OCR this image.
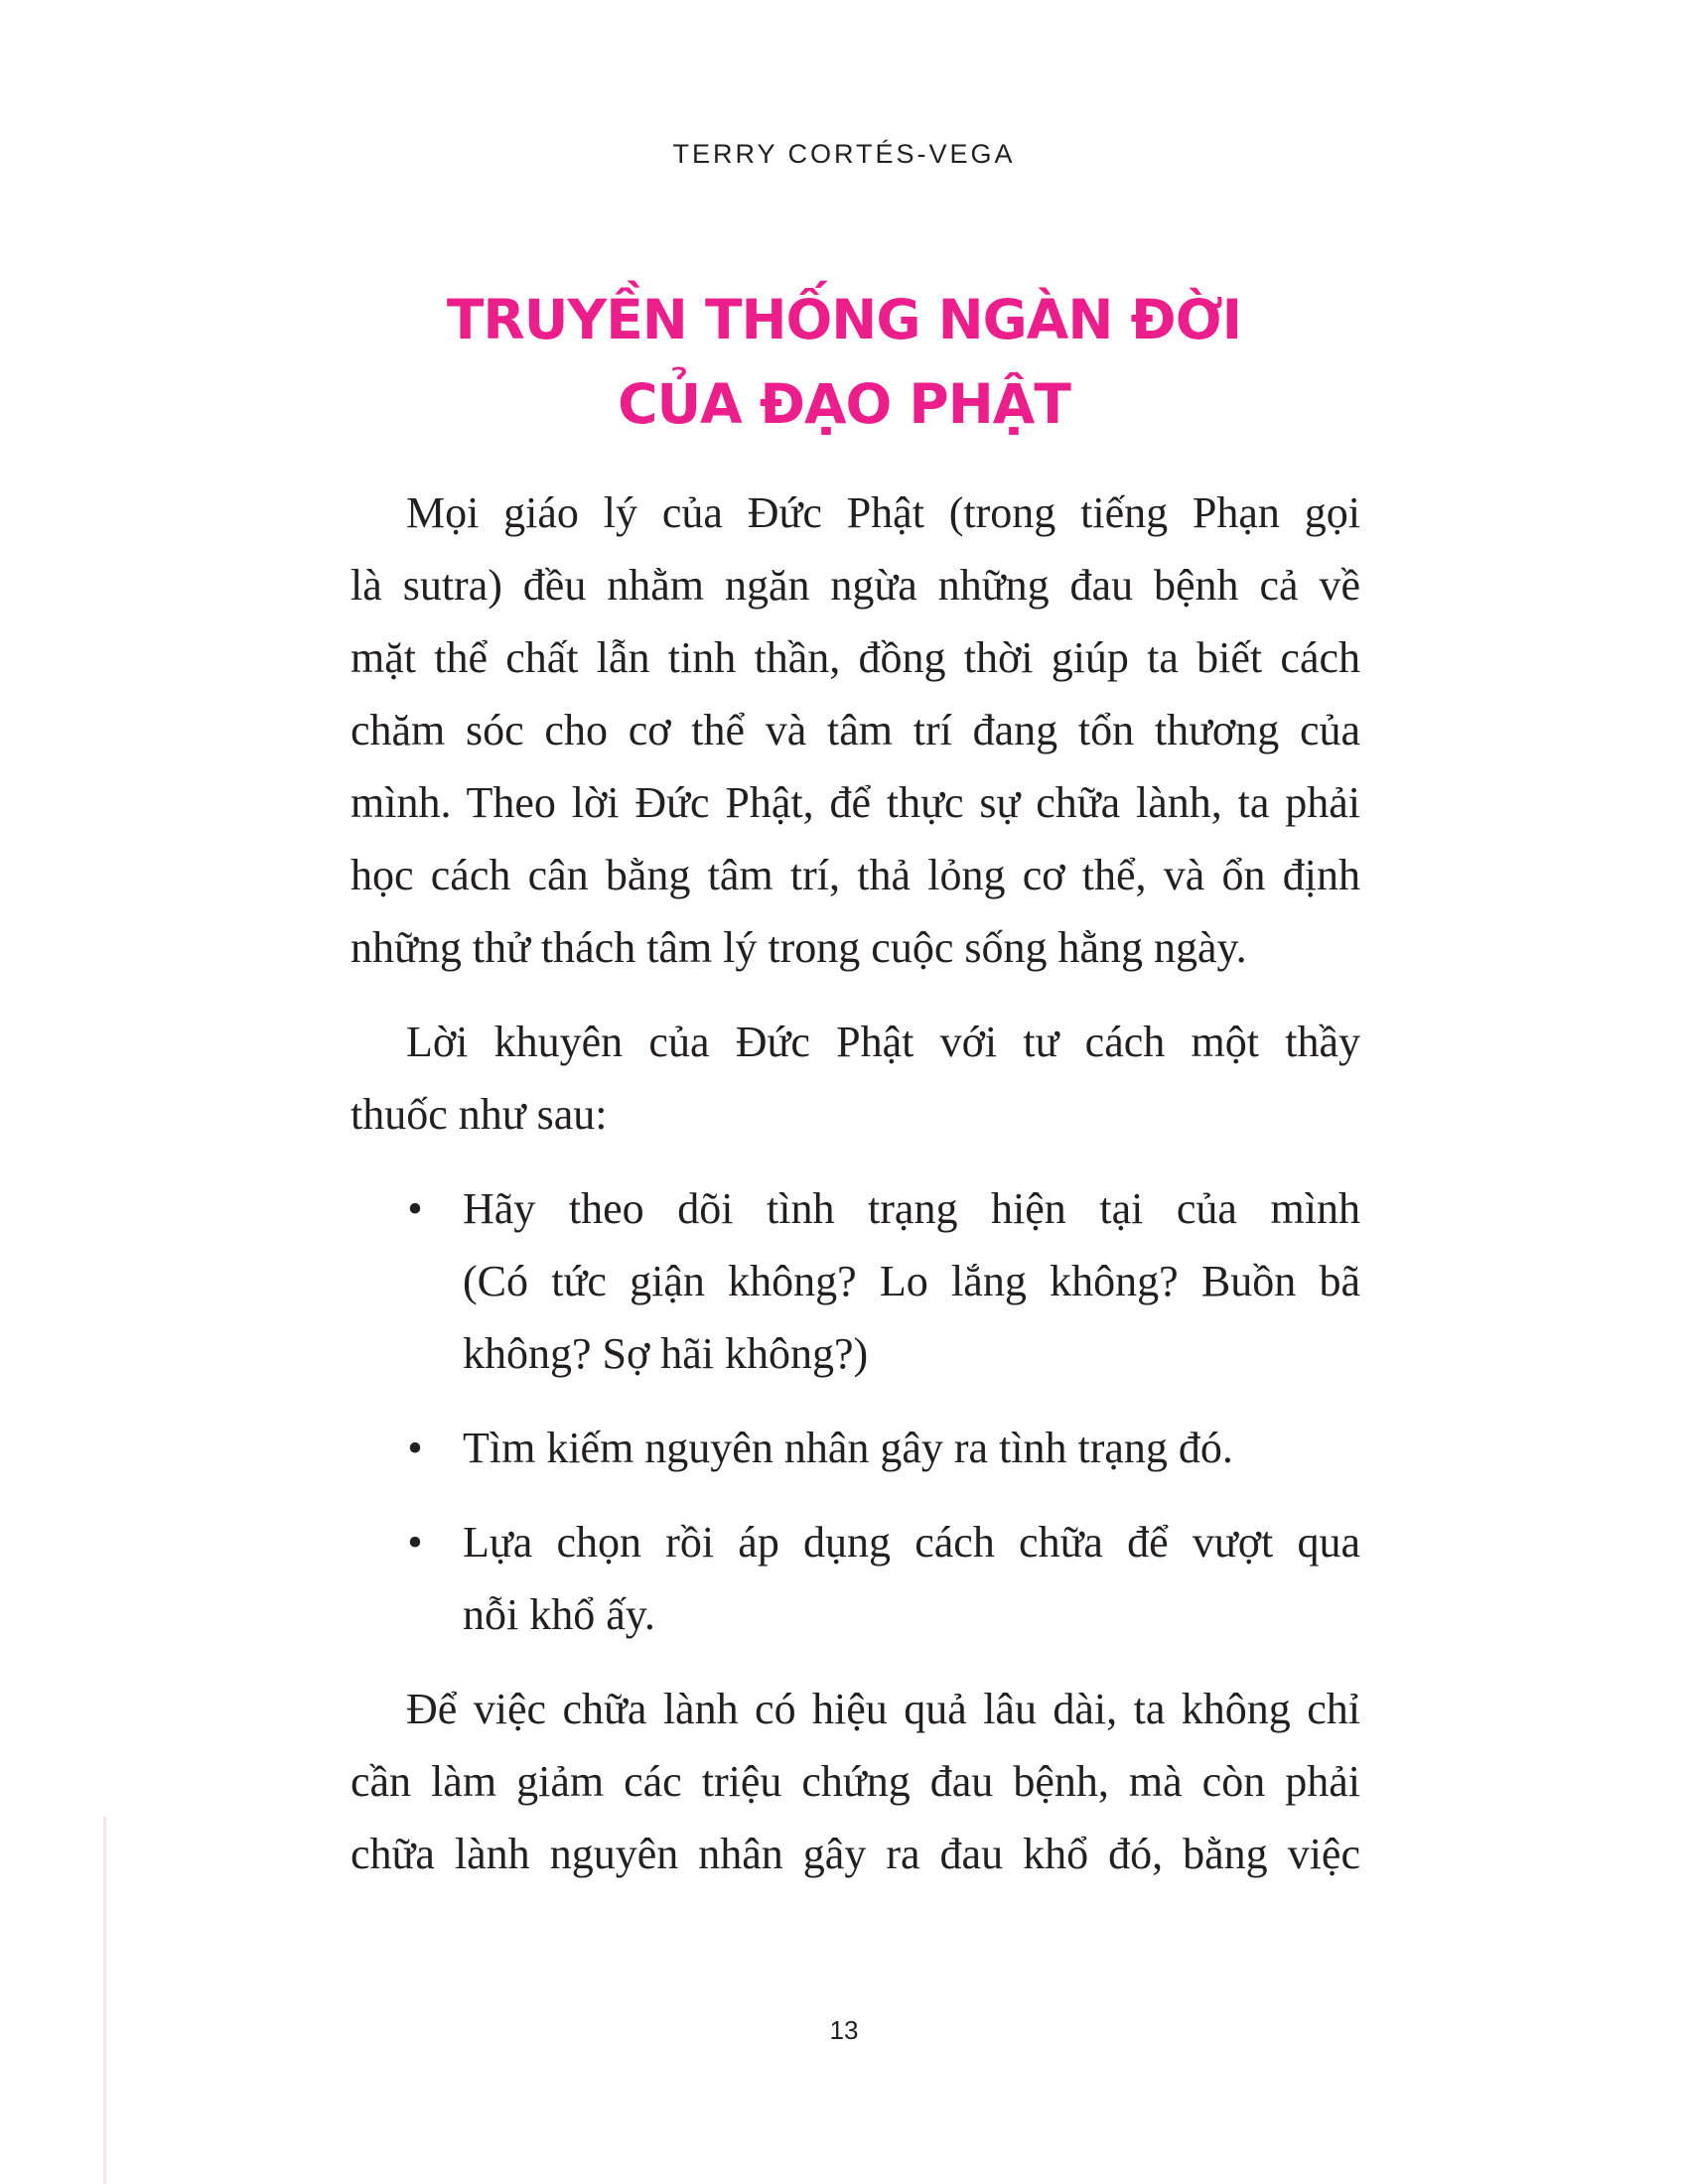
TERRY CORTÉS-VEGA
TRUYỀN THỐNG NGÀN ĐỜI
CỦA ĐẠO PHẬT

Mọi giáo lý của Đức Phật (trong tiếng Phạn gọi
là sutra) đều nhằm ngăn ngừa những đau bệnh cả về
mặt thể chất lẫn tinh thần, đồng thời giúp ta biết cách
chăm sóc cho cơ thể và tâm trí đang tổn thương của
mình. Theo lời Đức Phật, để thực sự chữa lành, ta phải
học cách cân bằng tâm trí, thả lỏng cơ thể, và ổn định
những thử thách tâm lý trong cuộc sống hằng ngày.

Lời khuyên của Đức Phật với tư cách một thầy
thuốc như sau:

• Hãy theo dõi tình trạng hiện tại của mình
(Có tức giận không? Lo lắng không? Buồn bã
không? Sợ hãi không?)
• Tìm kiếm nguyên nhân gây ra tình trạng đó.
• Lựa chọn rồi áp dụng cách chữa để vượt qua
nỗi khổ ấy.

Để việc chữa lành có hiệu quả lâu dài, ta không chỉ
cần làm giảm các triệu chứng đau bệnh, mà còn phải
chữa lành nguyên nhân gây ra đau khổ đó, bằng việc

13
